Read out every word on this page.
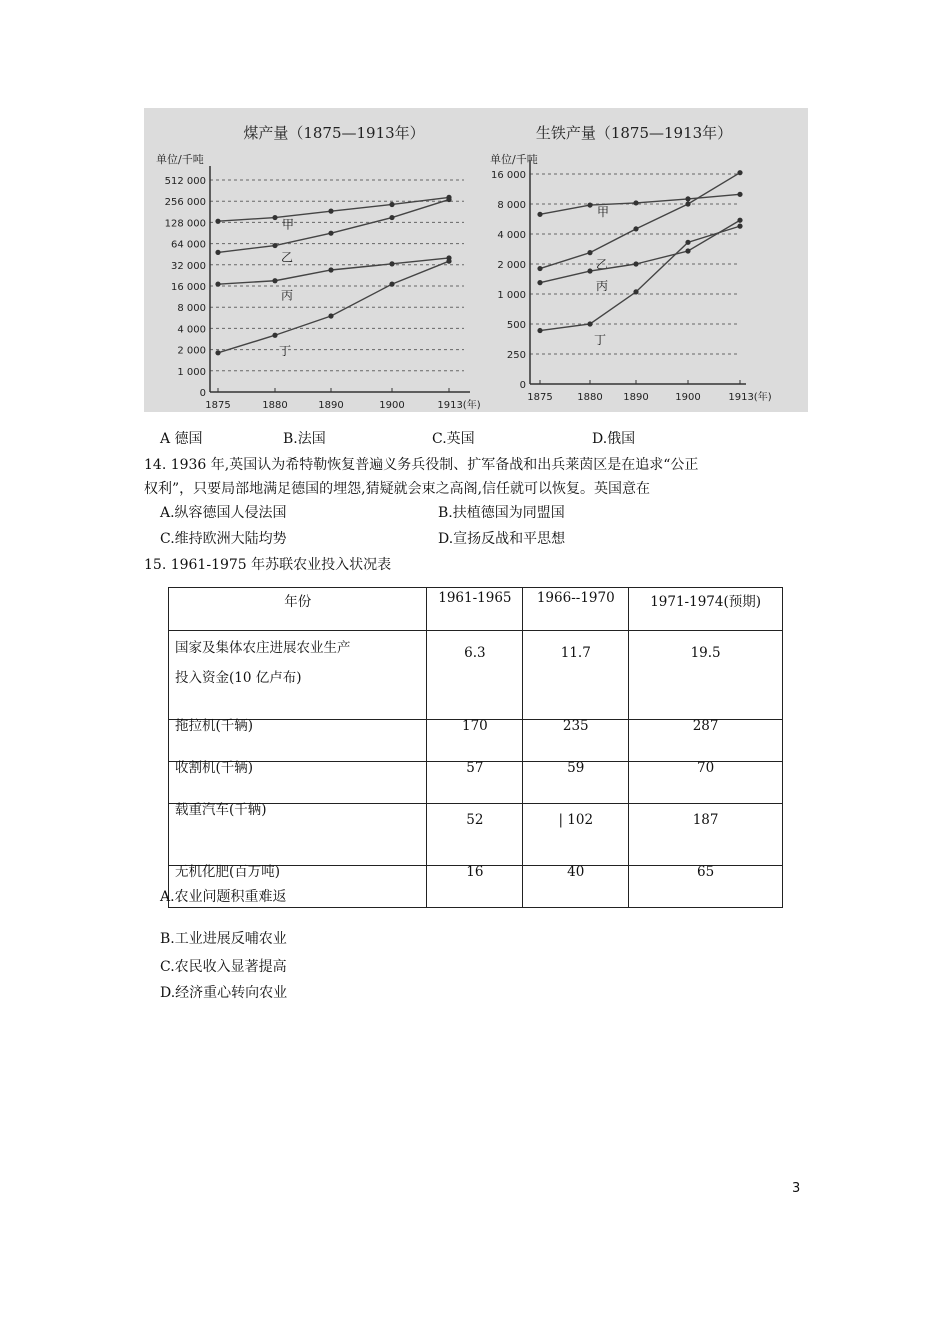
煤产量（1875—1913年）
单位/千吨
0
1 000
2 000
4 000
8 000
16 000
32 000
64 000
128 000
256 000
512 000
1875	1880	1890	1900	1913(年)
甲
乙
丙
丁
生铁产量（1875—1913年）
单位/千吨
0
250
500
1 000
2 000
4 000
8 000
16 000
1875 1880 1890	1900	1913(年)
甲
乙
丙
丁
A 德国	B.法国	C.英国	D.俄国
14. 1936 年,英国认为希特勒恢复普遍义务兵役制、扩军备战和出兵莱茵区是在追求“公正
权利”，只要局部地满足德国的埋怨,猜疑就会束之高阁,信任就可以恢复。英国意在
A.纵容德国人侵法国	B.扶植德国为同盟国
C.维持欧洲大陆均势	D.宣扬反战和平思想
15. 1961-1975 年苏联农业投入状况表
年份	1961-1965	1966--1970	1971-1974(预期)

国家及集体农庄进展农业生产
投入资金(10 亿卢布)	6.3	11.7	19.5
拖拉机(千辆)	170	235	287
收割机(千辆)	57	59	70
载重汽车(千辆)	52	| 102	187
无机化肥(百万吨)	16	40	65
A.农业问题积重难返
B.工业进展反哺农业
C.农民收入显著提高
D.经济重心转向农业
3
